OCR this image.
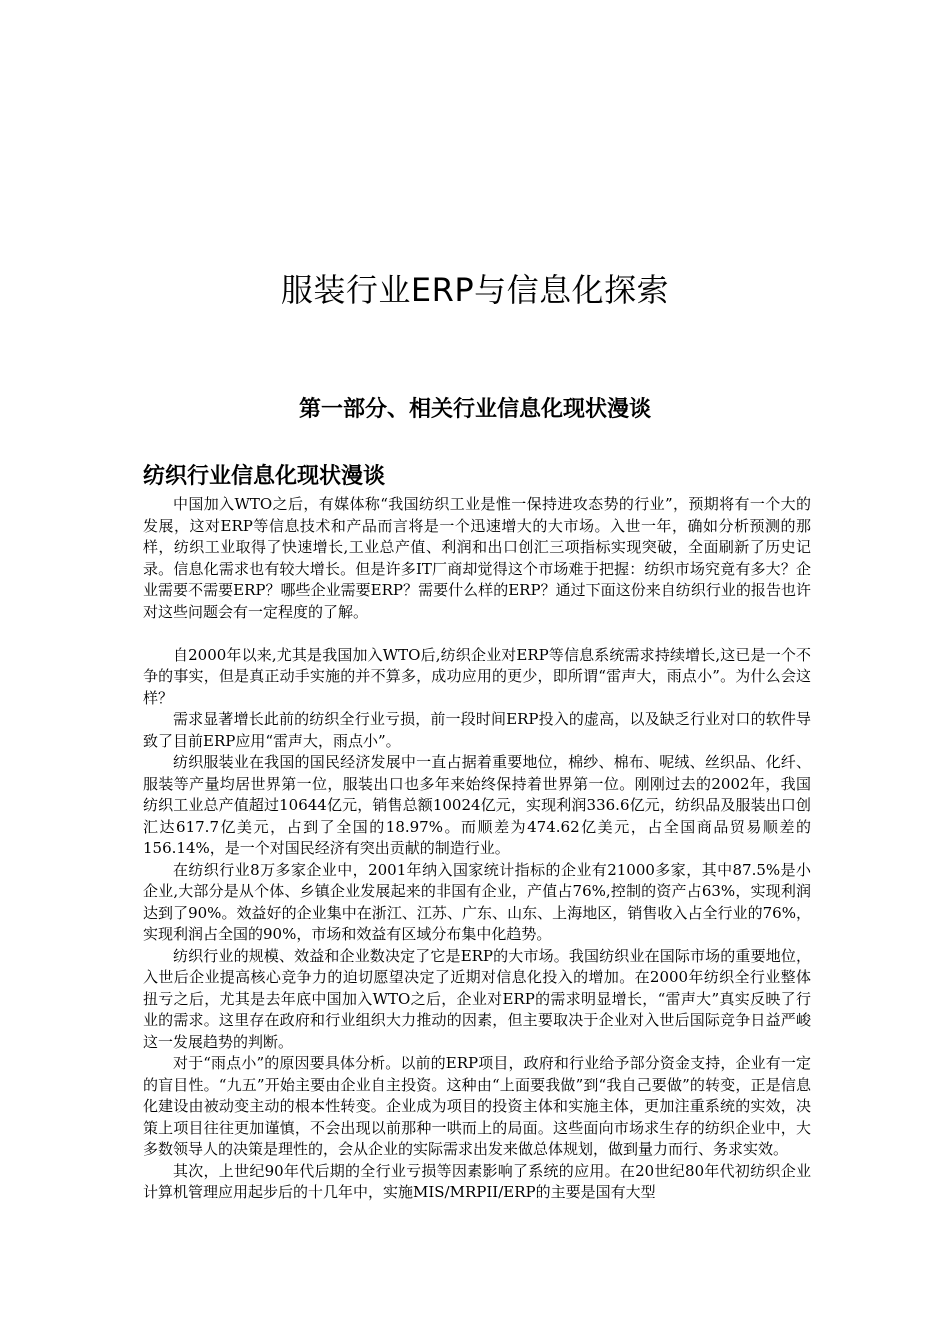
服装行业ERP与信息化探索
第一部分、相关行业信息化现状漫谈
纺织行业信息化现状漫谈

中国加入WTO之后，有媒体称“我国纺织工业是惟一保持进攻态势的行业”，预期将有一个大的发展，这对ERP等信息技术和产品而言将是一个迅速增大的大市场。入世一年，确如分析预测的那样，纺织工业取得了快速增长,工业总产值、利润和出口创汇三项指标实现突破，全面刷新了历史记录。信息化需求也有较大增长。但是许多IT厂商却觉得这个市场难于把握：纺织市场究竟有多大？企业需要不需要ERP？哪些企业需要ERP？需要什么样的ERP？通过下面这份来自纺织行业的报告也许对这些问题会有一定程度的了解。

自2000年以来,尤其是我国加入WTO后,纺织企业对ERP等信息系统需求持续增长,这已是一个不争的事实，但是真正动手实施的并不算多，成功应用的更少，即所谓“雷声大，雨点小”。为什么会这样？

需求显著增长此前的纺织全行业亏损，前一段时间ERP投入的虚高，以及缺乏行业对口的软件导致了目前ERP应用“雷声大，雨点小”。

纺织服装业在我国的国民经济发展中一直占据着重要地位，棉纱、棉布、呢绒、丝织品、化纤、服装等产量均居世界第一位，服装出口也多年来始终保持着世界第一位。刚刚过去的2002年，我国纺织工业总产值超过10644亿元，销售总额10024亿元，实现利润336.6亿元，纺织品及服装出口创汇达617.7亿美元，占到了全国的18.97%。而顺差为474.62亿美元，占全国商品贸易顺差的156.14%，是一个对国民经济有突出贡献的制造行业。

在纺织行业8万多家企业中，2001年纳入国家统计指标的企业有21000多家，其中87.5%是小企业,大部分是从个体、乡镇企业发展起来的非国有企业，产值占76%,控制的资产占63%，实现利润达到了90%。效益好的企业集中在浙江、江苏、广东、山东、上海地区，销售收入占全行业的76%，实现利润占全国的90%，市场和效益有区域分布集中化趋势。

纺织行业的规模、效益和企业数决定了它是ERP的大市场。我国纺织业在国际市场的重要地位，入世后企业提高核心竞争力的迫切愿望决定了近期对信息化投入的增加。在2000年纺织全行业整体扭亏之后，尤其是去年底中国加入WTO之后，企业对ERP的需求明显增长，“雷声大”真实反映了行业的需求。这里存在政府和行业组织大力推动的因素，但主要取决于企业对入世后国际竞争日益严峻这一发展趋势的判断。

对于“雨点小”的原因要具体分析。以前的ERP项目，政府和行业给予部分资金支持，企业有一定的盲目性。“九五”开始主要由企业自主投资。这种由“上面要我做”到“我自己要做”的转变，正是信息化建设由被动变主动的根本性转变。企业成为项目的投资主体和实施主体，更加注重系统的实效，决策上项目往往更加谨慎，不会出现以前那种一哄而上的局面。这些面向市场求生存的纺织企业中，大多数领导人的决策是理性的，会从企业的实际需求出发来做总体规划，做到量力而行、务求实效。

其次，上世纪90年代后期的全行业亏损等因素影响了系统的应用。在20世纪80年代初纺织企业计算机管理应用起步后的十几年中，实施MIS/MRPII/ERP的主要是国有大型
